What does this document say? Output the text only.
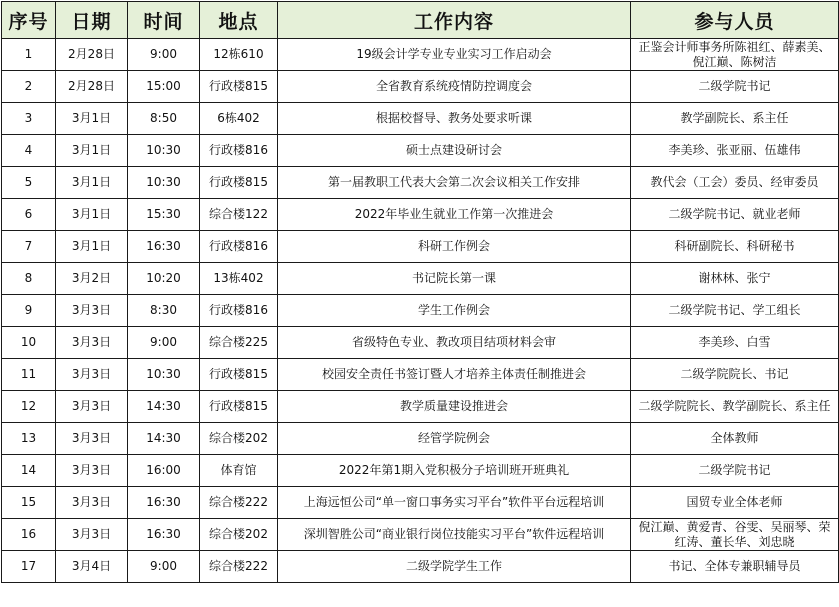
序号	日期	时间	地点	工作内容	参与人员
1	2月28日	9:00	12栋610	19级会计学专业专业实习工作启动会	正鉴会计师事务所陈祖红、薛素美、倪江巅、陈树洁
2	2月28日	15:00	行政楼815	全省教育系统疫情防控调度会	二级学院书记
3	3月1日	8:50	6栋402	根据校督导、教务处要求听课	教学副院长、系主任
4	3月1日	10:30	行政楼816	硕士点建设研讨会	李美珍、张亚丽、伍雄伟
5	3月1日	10:30	行政楼815	第一届教职工代表大会第二次会议相关工作安排	教代会（工会）委员、经审委员
6	3月1日	15:30	综合楼122	2022年毕业生就业工作第一次推进会	二级学院书记、就业老师
7	3月1日	16:30	行政楼816	科研工作例会	科研副院长、科研秘书
8	3月2日	10:20	13栋402	书记院长第一课	谢林林、张宁
9	3月3日	8:30	行政楼816	学生工作例会	二级学院书记、学工组长
10	3月3日	9:00	综合楼225	省级特色专业、教改项目结项材料会审	李美珍、白雪
11	3月3日	10:30	行政楼815	校园安全责任书签订暨人才培养主体责任制推进会	二级学院院长、书记
12	3月3日	14:30	行政楼815	教学质量建设推进会	二级学院院长、教学副院长、系主任
13	3月3日	14:30	综合楼202	经管学院例会	全体教师
14	3月3日	16:00	体育馆	2022年第1期入党积极分子培训班开班典礼	二级学院书记
15	3月3日	16:30	综合楼222	上海远恒公司“单一窗口事务实习平台”软件平台远程培训	国贸专业全体老师
16	3月3日	16:30	综合楼202	深圳智胜公司“商业银行岗位技能实习平台”软件远程培训	倪江巅、黄爱青、谷雯、吴丽琴、荣红涛、董长华、刘忠晓
17	3月4日	9:00	综合楼222	二级学院学生工作	书记、全体专兼职辅导员
